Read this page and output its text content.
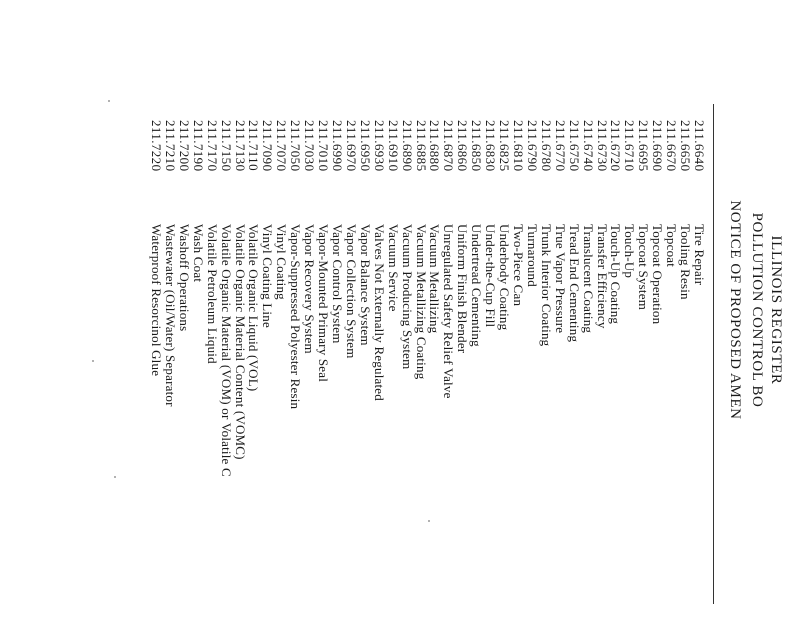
ILLINOIS REGISTER
POLLUTION CONTROL BO
NOTICE OF PROPOSED AMEN
211.6640Tire Repair
211.6650Tooling Resin
211.6670Topcoat
211.6690Topcoat Operation
211.6695Topcoat System
211.6710Touch-Up
211.6720Touch-Up Coating
211.6730Transfer Efficiency
211.6740Translucent Coating
211.6750Tread End Cementing
211.6770True Vapor Pressure
211.6780Trunk Interior Coating
211.6790Turnaround
211.6810Two-Piece Can
211.6825Underbody Coating
211.6830Under-the-Cup Fill
211.6850Undertread Cementing
211.6860Uniform Finish Blender
211.6870Unregulated Safety Relief Valve
211.6880Vacuum Metallizing
211.6885Vacuum Metallizing Coating
211.6890Vacuum Producing System
211.6910Vacuum Service
211.6930Valves Not Externally Regulated
211.6950Vapor Balance System
211.6970Vapor Collection System
211.6990Vapor Control System
211.7010Vapor-Mounted Primary Seal
211.7030Vapor Recovery System
211.7050Vapor-Suppressed Polyester Resin
211.7070Vinyl Coating
211.7090Vinyl Coating Line
211.7110Volatile Organic Liquid (VOL)
211.7130Volatile Organic Material Content (VOMC)
211.7150Volatile Organic Material (VOM) or Volatile C
211.7170Volatile Petroleum Liquid
211.7190Wash Coat
211.7200Washoff Operations
211.7210Wastewater (Oil/Water) Separator
211.7220Waterproof Resorcinol Glue
